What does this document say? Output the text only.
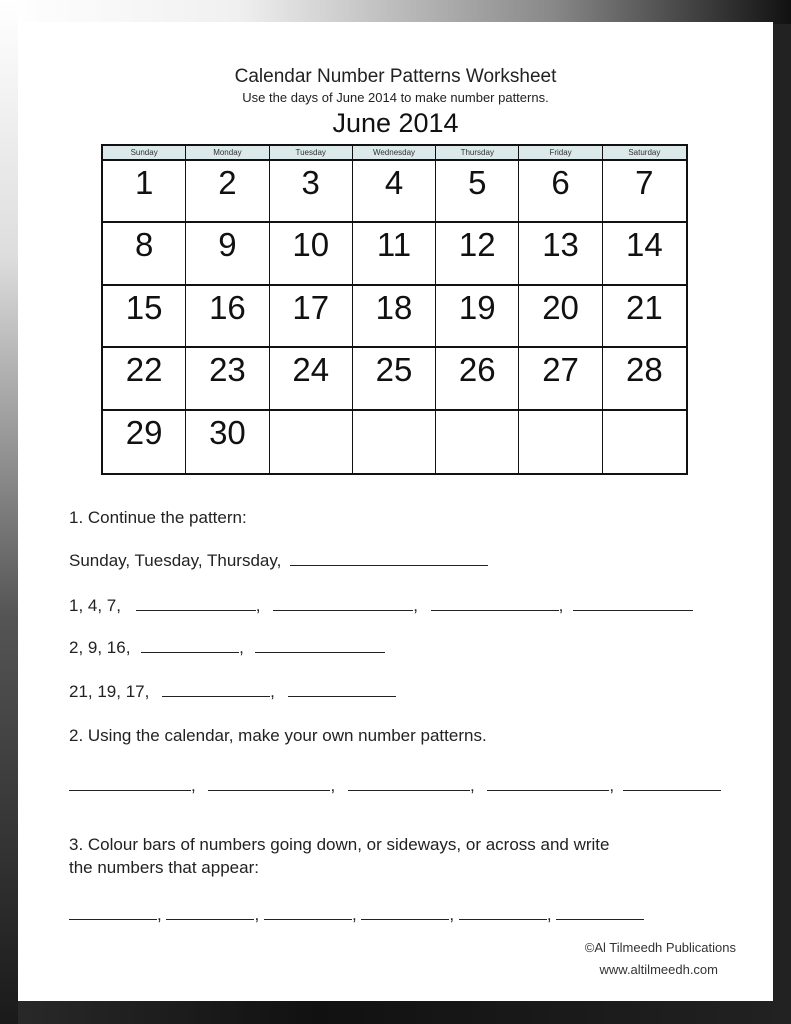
Calendar Number Patterns Worksheet
Use the days of June 2014 to make number patterns.
June 2014
Sunday	Monday	Tuesday	Wednesday	Thursday	Friday	Saturday
1	2	3	4	5	6	7
8	9	10	11	12	13	14
15	16	17	18	19	20	21
22	23	24	25	26	27	28
29	30
1. Continue the pattern:
Sunday, Tuesday, Thursday,
1, 4, 7,	,	,	,
2, 9, 16,	,
21, 19, 17,	,
2. Using the calendar, make your own number patterns.
,	,	,	,
3. Colour bars of numbers going down, or sideways, or across and write
the numbers that appear:
,	,	,	,	,
©Al Tilmeedh Publications
www.altilmeedh.com
